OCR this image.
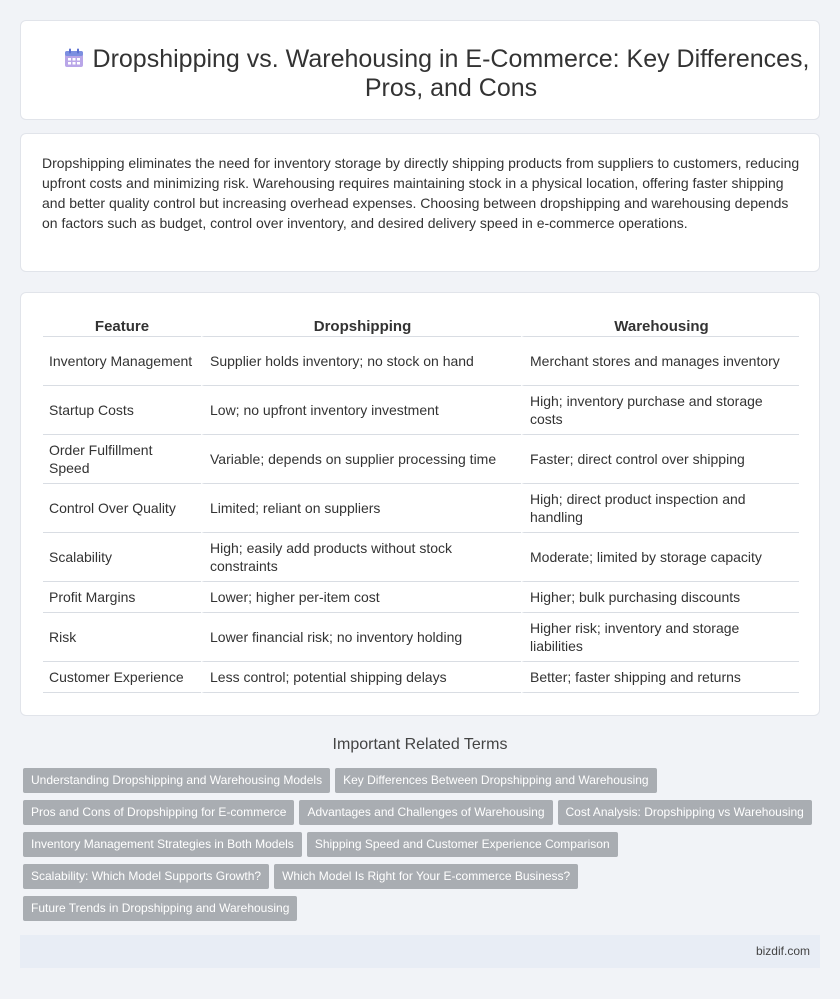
Dropshipping vs. Warehousing in E-Commerce: Key Differences, Pros, and Cons

Dropshipping eliminates the need for inventory storage by directly shipping products from suppliers to customers, reducing upfront costs and minimizing risk. Warehousing requires maintaining stock in a physical location, offering faster shipping and better quality control but increasing overhead expenses. Choosing between dropshipping and warehousing depends on factors such as budget, control over inventory, and desired delivery speed in e-commerce operations.

Feature	Dropshipping	Warehousing
Inventory Management	Supplier holds inventory; no stock on hand	Merchant stores and manages inventory
Startup Costs	Low; no upfront inventory investment	High; inventory purchase and storage costs
Order Fulfillment Speed	Variable; depends on supplier processing time	Faster; direct control over shipping
Control Over Quality	Limited; reliant on suppliers	High; direct product inspection and handling
Scalability	High; easily add products without stock constraints	Moderate; limited by storage capacity
Profit Margins	Lower; higher per-item cost	Higher; bulk purchasing discounts
Risk	Lower financial risk; no inventory holding	Higher risk; inventory and storage liabilities
Customer Experience	Less control; potential shipping delays	Better; faster shipping and returns
Important Related Terms
Understanding Dropshipping and Warehousing Models Key Differences Between Dropshipping and Warehousing
Pros and Cons of Dropshipping for E-commerce Advantages and Challenges of Warehousing Cost Analysis: Dropshipping vs Warehousing
Inventory Management Strategies in Both Models Shipping Speed and Customer Experience Comparison
Scalability: Which Model Supports Growth? Which Model Is Right for Your E-commerce Business?
Future Trends in Dropshipping and Warehousing
bizdif.com
